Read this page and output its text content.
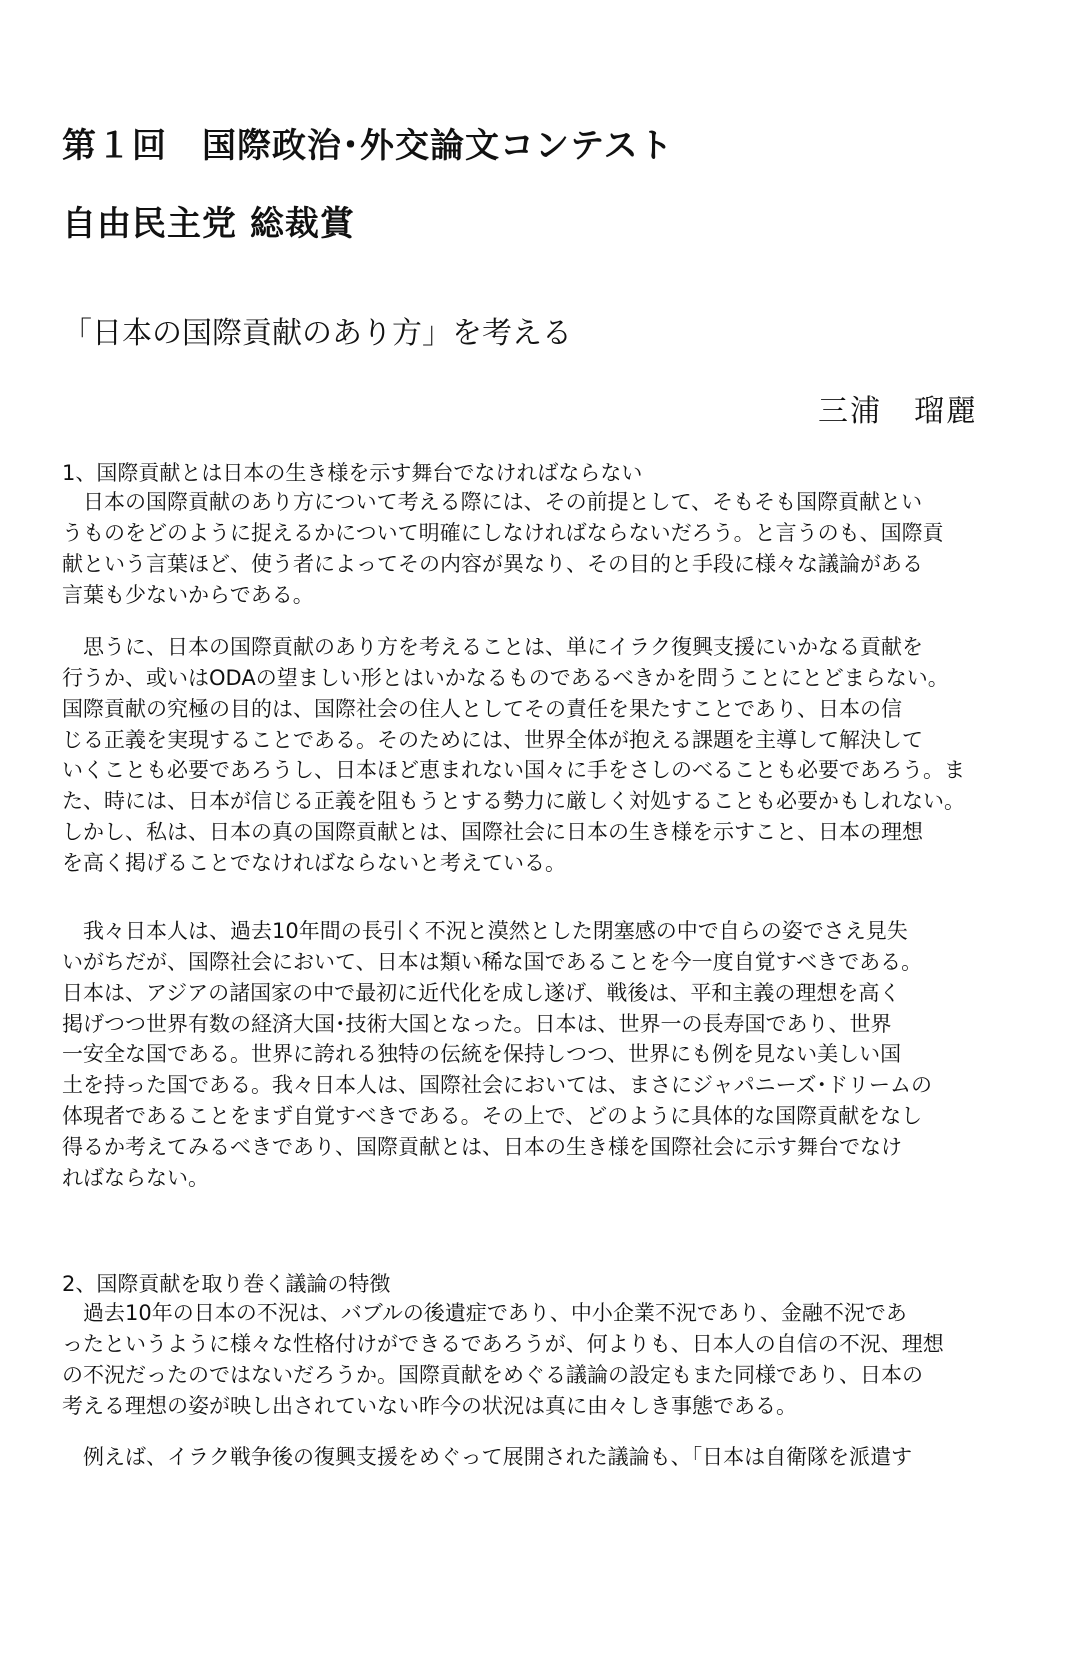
第１回　国際政治･外交論文コンテスト
自由民主党 総裁賞
「日本の国際貢献のあり方」を考える
三浦　瑠麗
1、国際貢献とは日本の生き様を示す舞台でなければならない

　日本の国際貢献のあり方について考える際には、その前提として、そもそも国際貢献とい
うものをどのように捉えるかについて明確にしなければならないだろう。と言うのも、国際貢
献という言葉ほど、使う者によってその内容が異なり、その目的と手段に様々な議論がある
言葉も少ないからである。

　思うに、日本の国際貢献のあり方を考えることは、単にイラク復興支援にいかなる貢献を
行うか、或いはODAの望ましい形とはいかなるものであるべきかを問うことにとどまらない。
国際貢献の究極の目的は、国際社会の住人としてその責任を果たすことであり、日本の信
じる正義を実現することである。そのためには、世界全体が抱える課題を主導して解決して
いくことも必要であろうし、日本ほど恵まれない国々に手をさしのべることも必要であろう。ま
た、時には、日本が信じる正義を阻もうとする勢力に厳しく対処することも必要かもしれない。
しかし、私は、日本の真の国際貢献とは、国際社会に日本の生き様を示すこと、日本の理想
を高く掲げることでなければならないと考えている。

　我々日本人は、過去10年間の長引く不況と漠然とした閉塞感の中で自らの姿でさえ見失
いがちだが、国際社会において、日本は類い稀な国であることを今一度自覚すべきである。
日本は、アジアの諸国家の中で最初に近代化を成し遂げ、戦後は、平和主義の理想を高く
掲げつつ世界有数の経済大国･技術大国となった。日本は、世界一の長寿国であり、世界
一安全な国である。世界に誇れる独特の伝統を保持しつつ、世界にも例を見ない美しい国
土を持った国である。我々日本人は、国際社会においては、まさにジャパニーズ･ドリームの
体現者であることをまず自覚すべきである。その上で、どのように具体的な国際貢献をなし
得るか考えてみるべきであり、国際貢献とは、日本の生き様を国際社会に示す舞台でなけ
ればならない。

2、国際貢献を取り巻く議論の特徴

　過去10年の日本の不況は、バブルの後遺症であり、中小企業不況であり、金融不況であ
ったというように様々な性格付けができるであろうが、何よりも、日本人の自信の不況、理想
の不況だったのではないだろうか。国際貢献をめぐる議論の設定もまた同様であり、日本の
考える理想の姿が映し出されていない昨今の状況は真に由々しき事態である。

　例えば、イラク戦争後の復興支援をめぐって展開された議論も、「日本は自衛隊を派遣す
